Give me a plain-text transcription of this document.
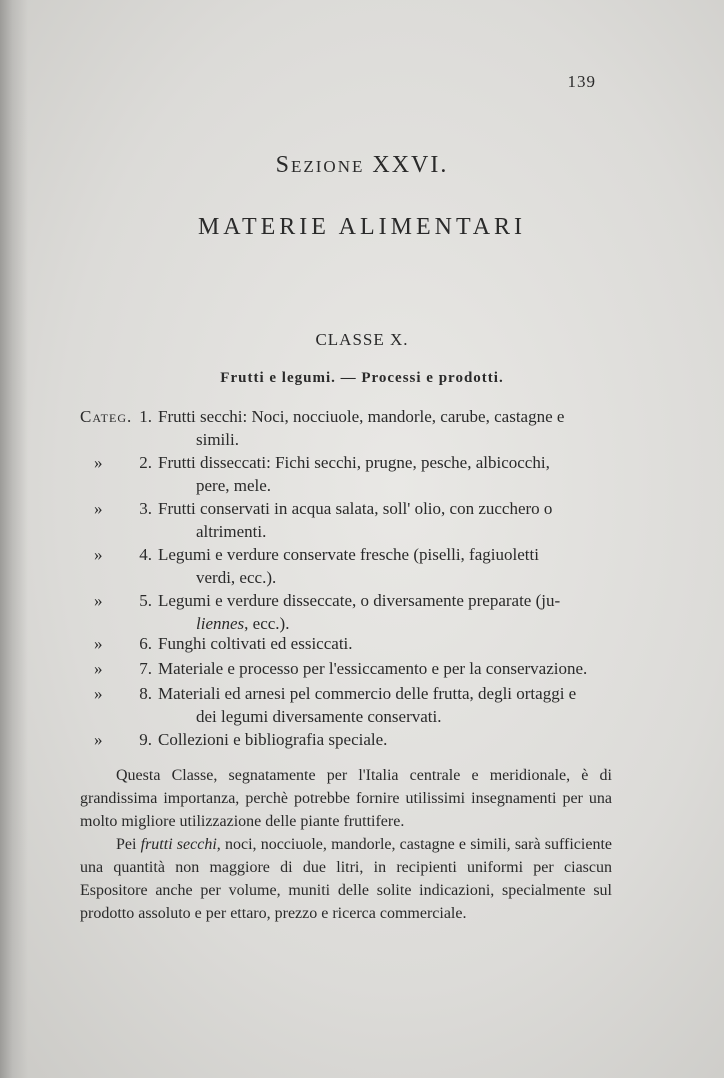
139
Sezione XXVI.
MATERIE ALIMENTARI
CLASSE X.
Frutti e legumi. — Processi e prodotti.
Categ. 1. Frutti secchi: Noci, nocciuole, mandorle, carube, castagne e
simili.
»	2. Frutti disseccati: Fichi secchi, prugne, pesche, albicocchi,
pere, mele.
»	3. Frutti conservati in acqua salata, soll' olio, con zucchero o
altrimenti.
»	4. Legumi e verdure conservate fresche (piselli, fagiuoletti
verdi, ecc.).
»	5. Legumi e verdure disseccate, o diversamente preparate (ju-
liennes, ecc.).
»	6. Funghi coltivati ed essiccati.
»	7. Materiale e processo per l'essiccamento e per la conservazione.
»	8. Materiali ed arnesi pel commercio delle frutta, degli ortaggi e
dei legumi diversamente conservati.
»	9. Collezioni e bibliografia speciale.
Questa Classe, segnatamente per l'Italia centrale e meridionale, è di grandissima importanza, perchè potrebbe fornire utilissimi insegnamenti per una molto migliore utilizzazione delle piante fruttifere.
Pei frutti secchi, noci, nocciuole, mandorle, castagne e simili, sarà sufficiente una quantità non maggiore di due litri, in recipienti uniformi per ciascun Espositore anche per volume, muniti delle solite indicazioni, specialmente sul prodotto assoluto e per ettaro, prezzo e ricerca commerciale.
